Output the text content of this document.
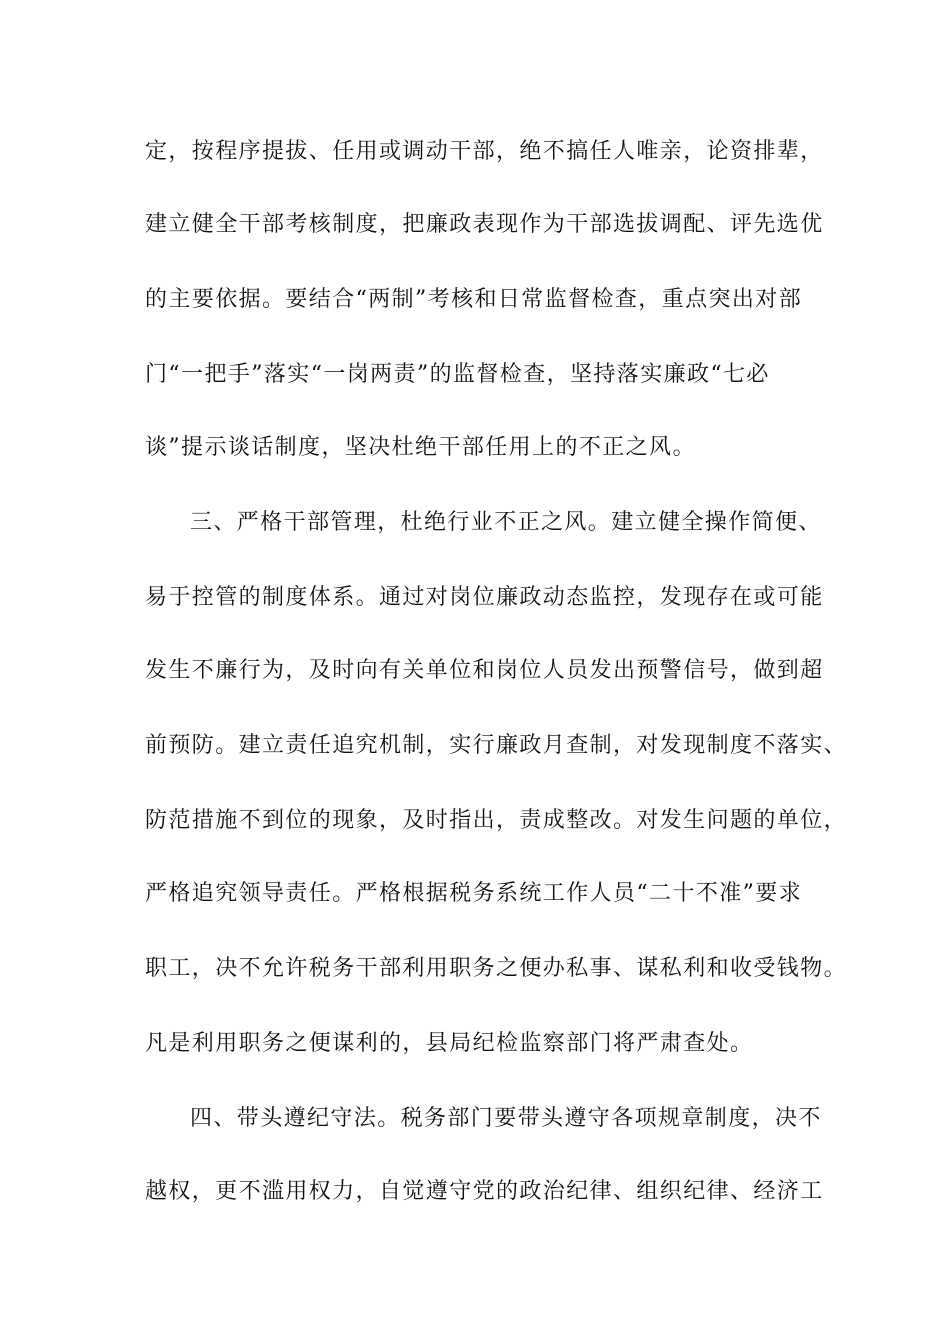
定，按程序提拔、任用或调动干部，绝不搞任人唯亲，论资排辈，
建立健全干部考核制度，把廉政表现作为干部选拔调配、评先选优
的主要依据。要结合“两制”考核和日常监督检查，重点突出对部
门“一把手”落实“一岗两责”的监督检查，坚持落实廉政“七必
谈”提示谈话制度，坚决杜绝干部任用上的不正之风。
三、严格干部管理，杜绝行业不正之风。建立健全操作简便、
易于控管的制度体系。通过对岗位廉政动态监控，发现存在或可能
发生不廉行为，及时向有关单位和岗位人员发出预警信号，做到超
前预防。建立责任追究机制，实行廉政月查制，对发现制度不落实、
防范措施不到位的现象，及时指出，责成整改。对发生问题的单位，
严格追究领导责任。严格根据税务系统工作人员“二十不准”要求
职工，决不允许税务干部利用职务之便办私事、谋私利和收受钱物。
凡是利用职务之便谋利的，县局纪检监察部门将严肃查处。
四、带头遵纪守法。税务部门要带头遵守各项规章制度，决不
越权，更不滥用权力，自觉遵守党的政治纪律、组织纪律、经济工
